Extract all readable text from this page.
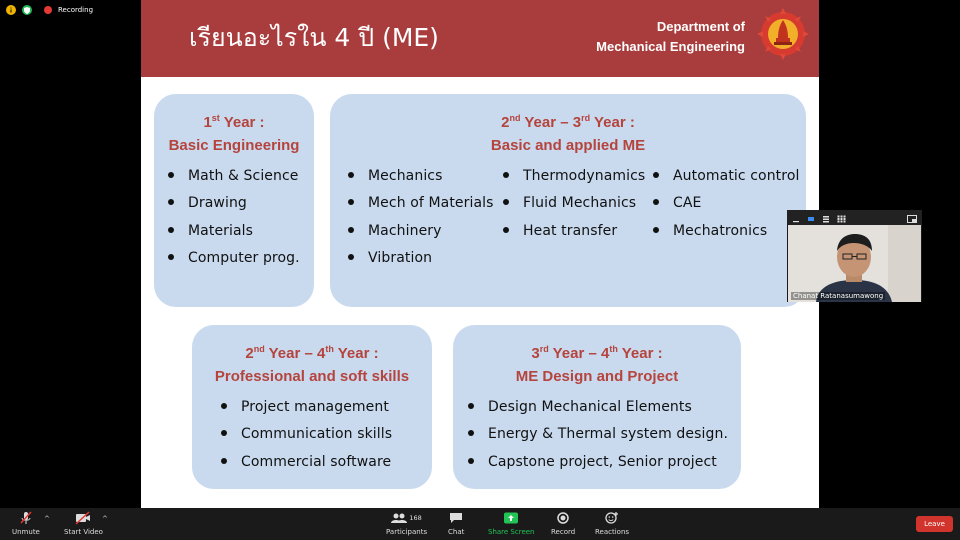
Recording
เรียนอะไรใน 4 ปี (ME)	Department of
Mechanical Engineering
1st Year :
Basic Engineering
Math & Science
Drawing
Materials
Computer prog.
2nd Year – 3rd Year :
Basic and applied ME
Mechanics
Mech of Materials
Machinery
Vibration
Thermodynamics
Fluid Mechanics
Heat transfer
Automatic control
CAE
Mechatronics
2nd Year – 4th Year :
Professional and soft skills
Project management
Communication skills
Commercial software
3rd Year – 4th Year :
ME Design and Project
Design Mechanical Elements
Energy & Thermal system design.
Capstone project, Senior project
Chanat Ratanasumawong
Unmute
^
Start Video
^	168
Participants	Chat	Share Screen Record	Reactions
Leave
